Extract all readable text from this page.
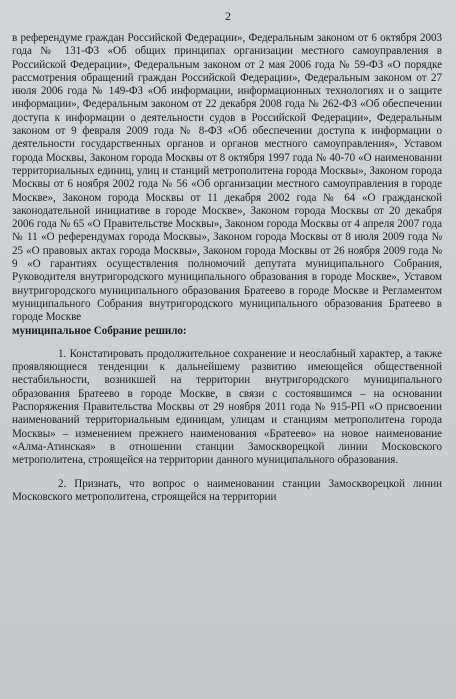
2

в референдуме граждан Российской Федерации», Федеральным законом от 6 октября 2003 года № 131-ФЗ «Об общих принципах организации местного самоуправления в Российской Федерации», Федеральным законом от 2 мая 2006 года № 59-ФЗ «О порядке рассмотрения обращений граждан Российской Федерации», Федеральным законом от 27 июля 2006 года № 149-ФЗ «Об информации, информационных технологиях и о защите информации», Федеральным законом от 22 декабря 2008 года № 262-ФЗ «Об обеспечении доступа к информации о деятельности судов в Российской Федерации», Федеральным законом от 9 февраля 2009 года № 8-ФЗ «Об обеспечении доступа к информации о деятельности государственных органов и органов местного самоуправления», Уставом города Москвы, Законом города Москвы от 8 октября 1997 года № 40-70 «О наименовании территориальных единиц, улиц и станций метрополитена города Москвы», Законом города Москвы от 6 ноября 2002 года № 56 «Об организации местного самоуправления в городе Москве», Законом города Москвы от 11 декабря 2002 года № 64 «О гражданской законодательной инициативе в городе Москве», Законом города Москвы от 20 декабря 2006 года № 65 «О Правительстве Москвы», Законом города Москвы от 4 апреля 2007 года № 11 «О референдумах города Москвы», Законом города Москвы от 8 июля 2009 года № 25 «О правовых актах города Москвы», Законом города Москвы от 26 ноября 2009 года № 9 «О гарантиях осуществления полномочий депутата муниципального Собрания, Руководителя внутригородского муниципального образования в городе Москве», Уставом внутригородского муниципального образования Братеево в городе Москве и Регламентом муниципального Собрания внутригородского муниципального образования Братеево в городе Москве

муниципальное Собрание решило:

1. Констатировать продолжительное сохранение и неослабный характер, а также проявляющиеся тенденции к дальнейшему развитию имеющейся общественной нестабильности, возникшей на территории внутригородского муниципального образования Братеево в городе Москве, в связи с состоявшимся – на основании Распоряжения Правительства Москвы от 29 ноября 2011 года № 915-РП «О присвоении наименований территориальным единицам, улицам и станциям метрополитена города Москвы» – изменением прежнего наименования «Братеево» на новое наименование «Алма-Атинская» в отношении станции Замоскворецкой линии Московского метрополитена, строящейся на территории данного муниципального образования.

2. Признать, что вопрос о наименовании станции Замоскворецкой линии Московского метрополитена, строящейся на территории
